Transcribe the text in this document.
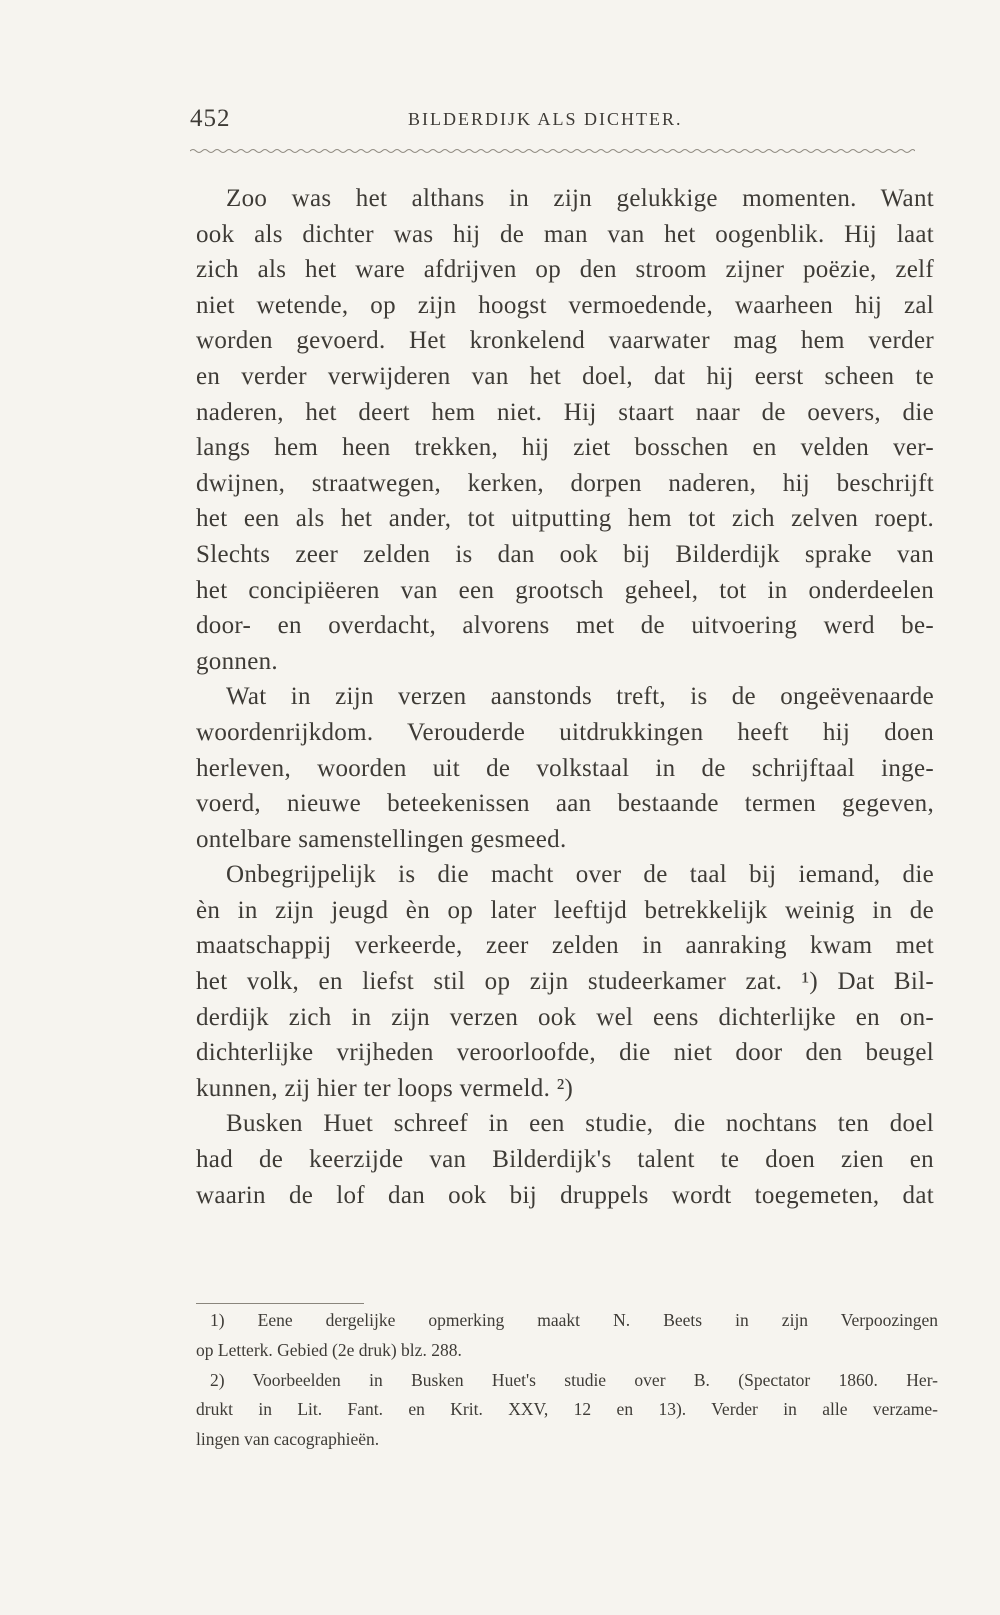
452	BILDERDIJK ALS DICHTER.
Zoo was het althans in zijn gelukkige momenten. Want
ook als dichter was hij de man van het oogenblik. Hij laat
zich als het ware afdrijven op den stroom zijner poëzie, zelf
niet wetende, op zijn hoogst vermoedende, waarheen hij zal
worden gevoerd. Het kronkelend vaarwater mag hem verder
en verder verwijderen van het doel, dat hij eerst scheen te
naderen, het deert hem niet. Hij staart naar de oevers, die
langs hem heen trekken, hij ziet bosschen en velden ver-
dwijnen, straatwegen, kerken, dorpen naderen, hij beschrijft
het een als het ander, tot uitputting hem tot zich zelven roept.
Slechts zeer zelden is dan ook bij Bilderdijk sprake van
het concipiëeren van een grootsch geheel, tot in onderdeelen
door- en overdacht, alvorens met de uitvoering werd be-
gonnen.
Wat in zijn verzen aanstonds treft, is de ongeëvenaarde
woordenrijkdom. Verouderde uitdrukkingen heeft hij doen
herleven, woorden uit de volkstaal in de schrijftaal inge-
voerd, nieuwe beteekenissen aan bestaande termen gegeven,
ontelbare samenstellingen gesmeed.
Onbegrijpelijk is die macht over de taal bij iemand, die
èn in zijn jeugd èn op later leeftijd betrekkelijk weinig in de
maatschappij verkeerde, zeer zelden in aanraking kwam met
het volk, en liefst stil op zijn studeerkamer zat. ¹) Dat Bil-
derdijk zich in zijn verzen ook wel eens dichterlijke en on-
dichterlijke vrijheden veroorloofde, die niet door den beugel
kunnen, zij hier ter loops vermeld. ²)
Busken Huet schreef in een studie, die nochtans ten doel
had de keerzijde van Bilderdijk's talent te doen zien en
waarin de lof dan ook bij druppels wordt toegemeten, dat
1) Eene dergelijke opmerking maakt N. Beets in zijn Verpoozingen
op Letterk. Gebied (2e druk) blz. 288.
2) Voorbeelden in Busken Huet's studie over B. (Spectator 1860. Her-
drukt in Lit. Fant. en Krit. XXV, 12 en 13). Verder in alle verzame-
lingen van cacographieën.
